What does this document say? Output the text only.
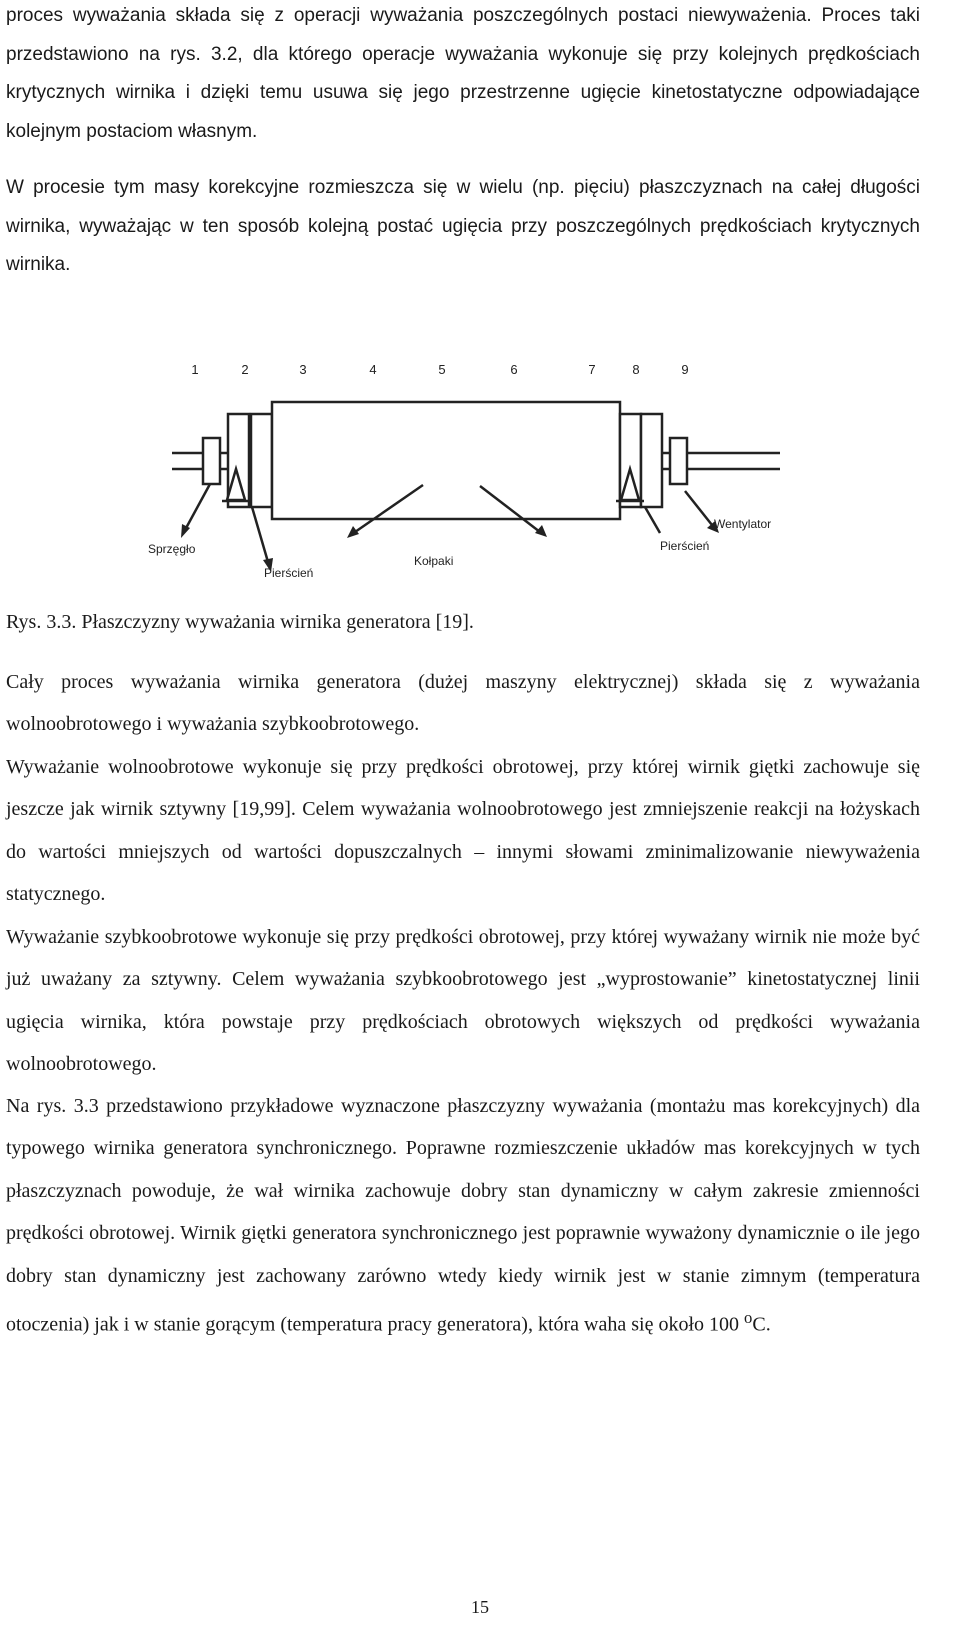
proces wyważania składa się z operacji wyważania poszczególnych postaci niewyważenia. Proces taki przedstawiono na rys. 3.2, dla którego operacje wyważania wykonuje się przy kolejnych prędkościach krytycznych wirnika i dzięki temu usuwa się jego przestrzenne ugięcie kinetostatyczne odpowiadające kolejnym postaciom własnym.

W procesie tym masy korekcyjne rozmieszcza się w wielu (np. pięciu) płaszczyznach na całej długości wirnika, wyważając w ten sposób kolejną postać ugięcia przy poszczególnych prędkościach krytycznych wirnika.

1	2	3	4	5	6	7	8	9
Sprzęgło
Pierścień
Kołpaki
Pierścień
Wentylator

Rys. 3.3. Płaszczyzny wyważania wirnika generatora [19].

Cały proces wyważania wirnika generatora (dużej maszyny elektrycznej) składa się z wyważania wolnoobrotowego i wyważania szybkoobrotowego.

Wyważanie wolnoobrotowe wykonuje się przy prędkości obrotowej, przy której wirnik giętki zachowuje się jeszcze jak wirnik sztywny [19,99]. Celem wyważania wolnoobrotowego jest zmniejszenie reakcji na łożyskach do wartości mniejszych od wartości dopuszczalnych – innymi słowami zminimalizowanie niewyważenia statycznego.

Wyważanie szybkoobrotowe wykonuje się przy prędkości obrotowej, przy której wyważany wirnik nie może być już uważany za sztywny. Celem wyważania szybkoobrotowego jest „wyprostowanie” kinetostatycznej linii ugięcia wirnika, która powstaje przy prędkościach obrotowych większych od prędkości wyważania wolnoobrotowego.

Na rys. 3.3 przedstawiono przykładowe wyznaczone płaszczyzny wyważania (montażu mas korekcyjnych) dla typowego wirnika generatora synchronicznego. Poprawne rozmieszczenie układów mas korekcyjnych w tych płaszczyznach powoduje, że wał wirnika zachowuje dobry stan dynamiczny w całym zakresie zmienności prędkości obrotowej. Wirnik giętki generatora synchronicznego jest poprawnie wyważony dynamicznie o ile jego dobry stan dynamiczny jest zachowany zarówno wtedy kiedy wirnik jest w stanie zimnym (temperatura otoczenia) jak i w stanie gorącym (temperatura pracy generatora), która waha się około 100 $^o$C.

15
